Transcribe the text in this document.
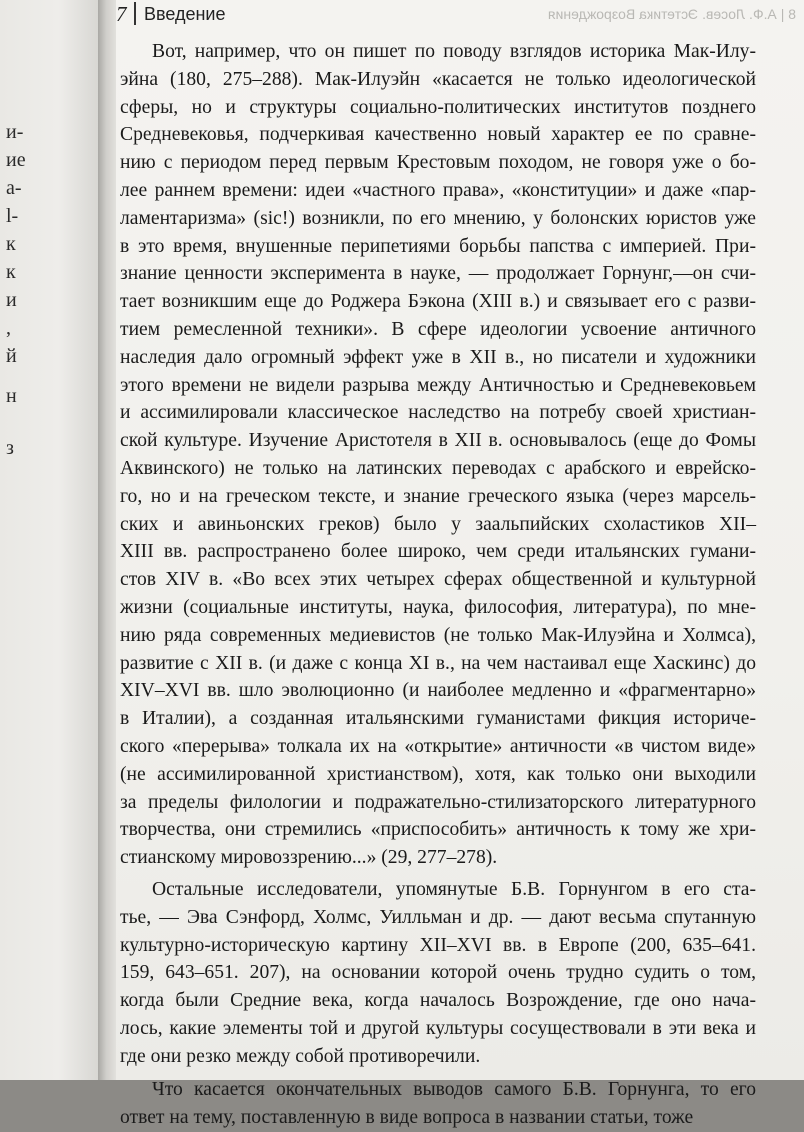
и-
ие
а-
l-
к
к
и
,
й
н
з
7 Введение	8 | А.Ф. Лосев. Эстетика Возрождения
Вот, например, что он пишет по поводу взглядов историка Мак-Илу-
эйна (180, 275–288). Мак-Илуэйн «касается не только идеологической
сферы, но и структуры социально-политических институтов позднего
Средневековья, подчеркивая качественно новый характер ее по сравне-
нию с периодом перед первым Крестовым походом, не говоря уже о бо-
лее раннем времени: идеи «частного права», «конституции» и даже «пар-
ламентаризма» (sic!) возникли, по его мнению, у болонских юристов уже
в это время, внушенные перипетиями борьбы папства с империей. При-
знание ценности эксперимента в науке, — продолжает Горнунг,—он счи-
тает возникшим еще до Роджера Бэкона (XIII в.) и связывает его с разви-
тием ремесленной техники». В сфере идеологии усвоение античного
наследия дало огромный эффект уже в XII в., но писатели и художники
этого времени не видели разрыва между Античностью и Средневековьем
и ассимилировали классическое наследство на потребу своей христиан-
ской культуре. Изучение Аристотеля в XII в. основывалось (еще до Фомы
Аквинского) не только на латинских переводах с арабского и еврейско-
го, но и на греческом тексте, и знание греческого языка (через марсель-
ских и авиньонских греков) было у заальпийских схоластиков XII–
XIII вв. распространено более широко, чем среди итальянских гумани-
стов XIV в. «Во всех этих четырех сферах общественной и культурной
жизни (социальные институты, наука, философия, литература), по мне-
нию ряда современных медиевистов (не только Мак-Илуэйна и Холмса),
развитие с XII в. (и даже с конца XI в., на чем настаивал еще Хаскинс) до
XIV–XVI вв. шло эволюционно (и наиболее медленно и «фрагментарно»
в Италии), а созданная итальянскими гуманистами фикция историче-
ского «перерыва» толкала их на «открытие» античности «в чистом виде»
(не ассимилированной христианством), хотя, как только они выходили
за пределы филологии и подражательно-стилизаторского литературного
творчества, они стремились «приспособить» античность к тому же хри-
стианскому мировоззрению...» (29, 277–278).
Остальные исследователи, упомянутые Б.В. Горнунгом в его ста-
тье, — Эва Сэнфорд, Холмс, Уилльман и др. — дают весьма спутанную
культурно-историческую картину XII–XVI вв. в Европе (200, 635–641.
159, 643–651. 207), на основании которой очень трудно судить о том,
когда были Средние века, когда началось Возрождение, где оно нача-
лось, какие элементы той и другой культуры сосуществовали в эти века и
где они резко между собой противоречили.
Что касается окончательных выводов самого Б.В. Горнунга, то его
ответ на тему, поставленную в виде вопроса в названии статьи, тоже
